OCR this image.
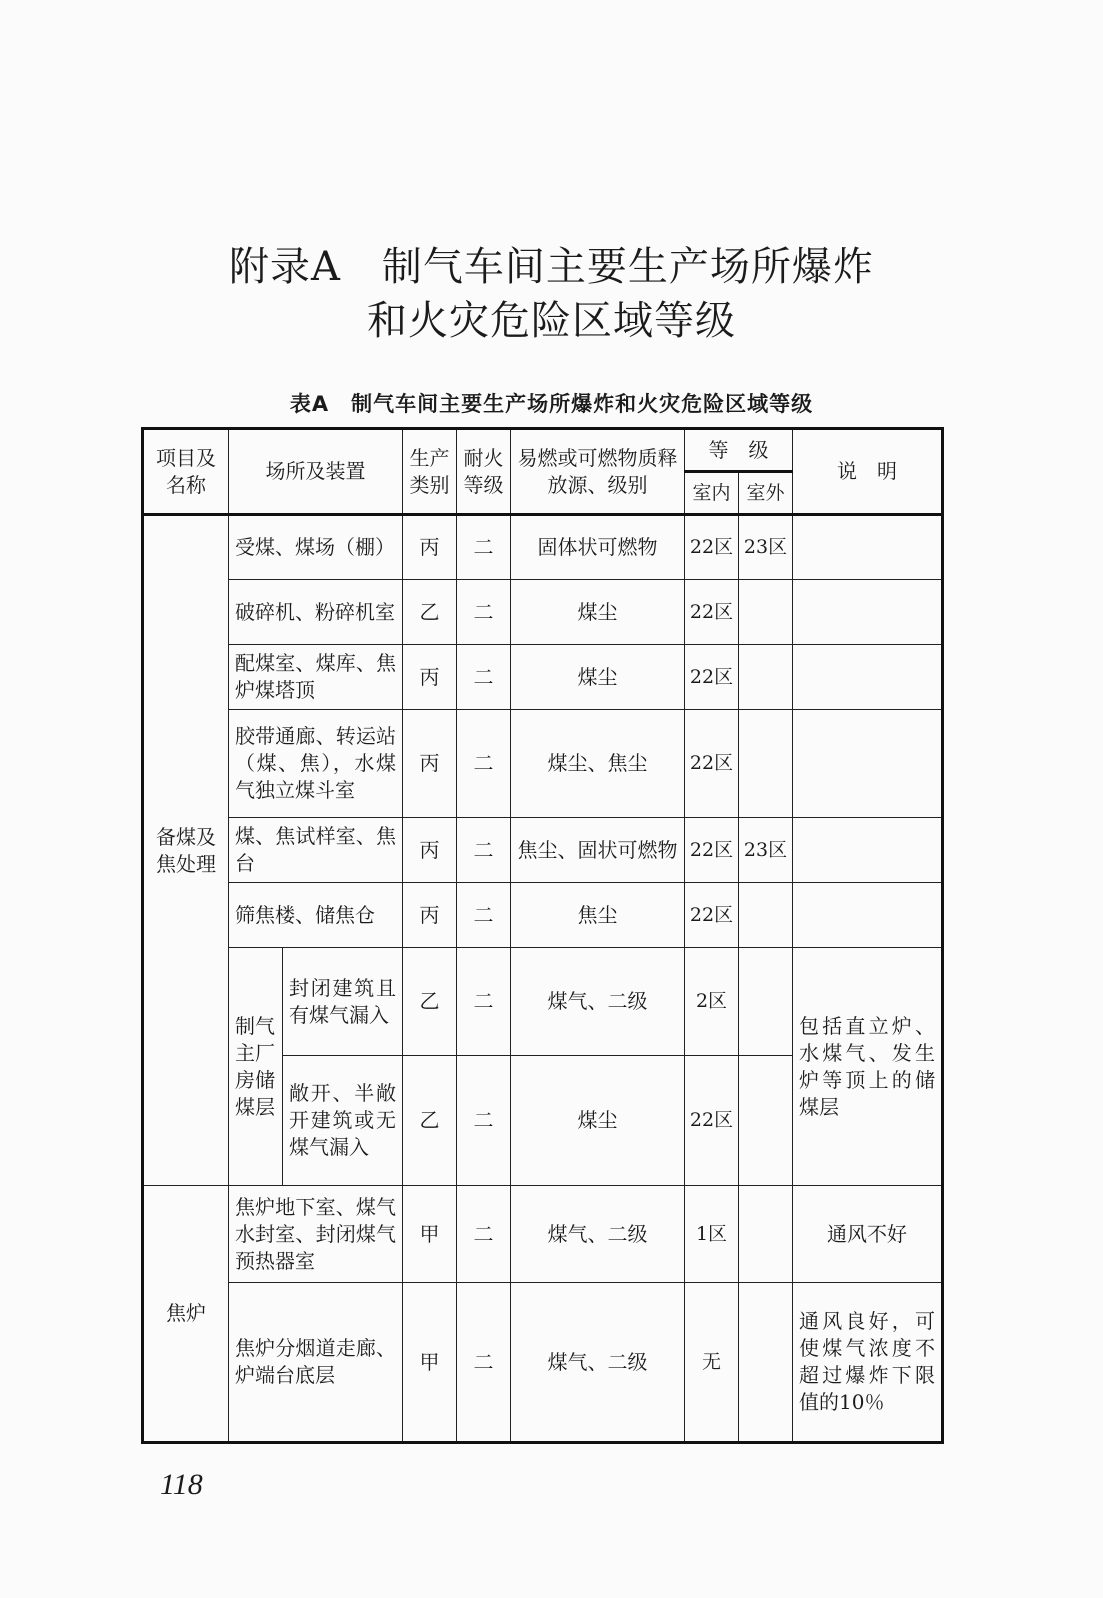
附录A　制气车间主要生产场所爆炸
和火灾危险区域等级
表A 制气车间主要生产场所爆炸和火灾危险区域等级
项目及名称	场所及装置		生产类别	耐火等级	易燃或可燃物质释放源、级别	等　级		说　明
						室内	室外	
备煤及焦处理	受煤、煤场（棚）		丙	二	固体状可燃物	22区	23区	
	破碎机、粉碎机室		乙	二	煤尘	22区		
	配煤室、煤库、焦炉煤塔顶		丙	二	煤尘	22区		
	胶带通廊、转运站（煤、焦），水煤气独立煤斗室		丙	二	煤尘、焦尘	22区		
	煤、焦试样室、焦台		丙	二	焦尘、固状可燃物	22区	23区	
	筛焦楼、储焦仓		丙	二	焦尘	22区		
	制气主厂房储煤层	封闭建筑且有煤气漏入	乙	二	煤气、二级	2区		包括直立炉、水煤气、发生炉等顶上的储煤层
		敞开、半敞开建筑或无煤气漏入	乙	二	煤尘	22区		
焦炉	焦炉地下室、煤气水封室、封闭煤气预热器室		甲	二	煤气、二级	1区		通风不好
	焦炉分烟道走廊、炉端台底层		甲	二	煤气、二级	无		通风良好，可使煤气浓度不超过爆炸下限值的10％
118
